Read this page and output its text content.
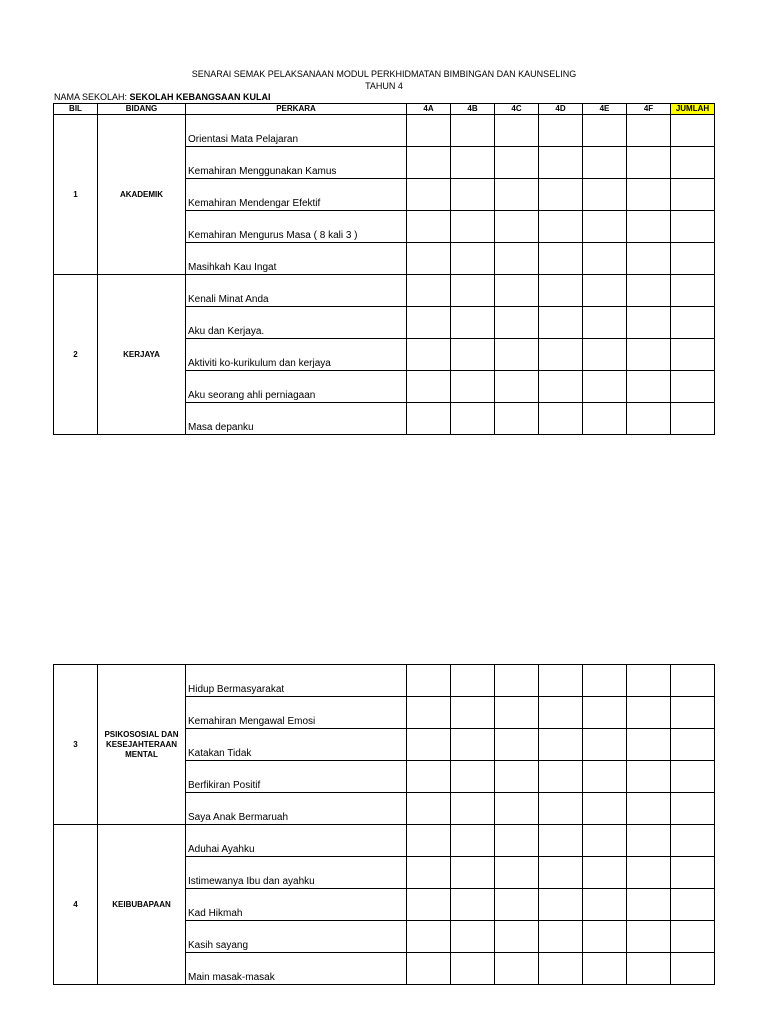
SENARAI SEMAK PELAKSANAAN MODUL PERKHIDMATAN BIMBINGAN DAN KAUNSELING
TAHUN 4
NAMA SEKOLAH: SEKOLAH KEBANGSAAN KULAI
BIL	BIDANG	PERKARA	4A	4B	4C	4D	4E	4F	JUMLAH
1	AKADEMIK	Orientasi Mata Pelajaran							
		Kemahiran Menggunakan Kamus							
		Kemahiran Mendengar Efektif							
		Kemahiran Mengurus Masa ( 8 kali 3 )							
		Masihkah Kau Ingat							
2	KERJAYA	Kenali Minat Anda							
		Aku dan Kerjaya.							
		Aktiviti ko-kurikulum dan kerjaya							
		Aku seorang ahli perniagaan							
		Masa depanku							
3	PSIKOSOSIAL DAN KESEJAHTERAAN MENTAL	Hidup Bermasyarakat							
		Kemahiran Mengawal Emosi							
		Katakan Tidak							
		Berfikiran Positif							
		Saya Anak Bermaruah							
4	KEIBUBAPAAN	Aduhai Ayahku							
		Istimewanya Ibu dan ayahku							
		Kad Hikmah							
		Kasih sayang							
		Main masak-masak							
